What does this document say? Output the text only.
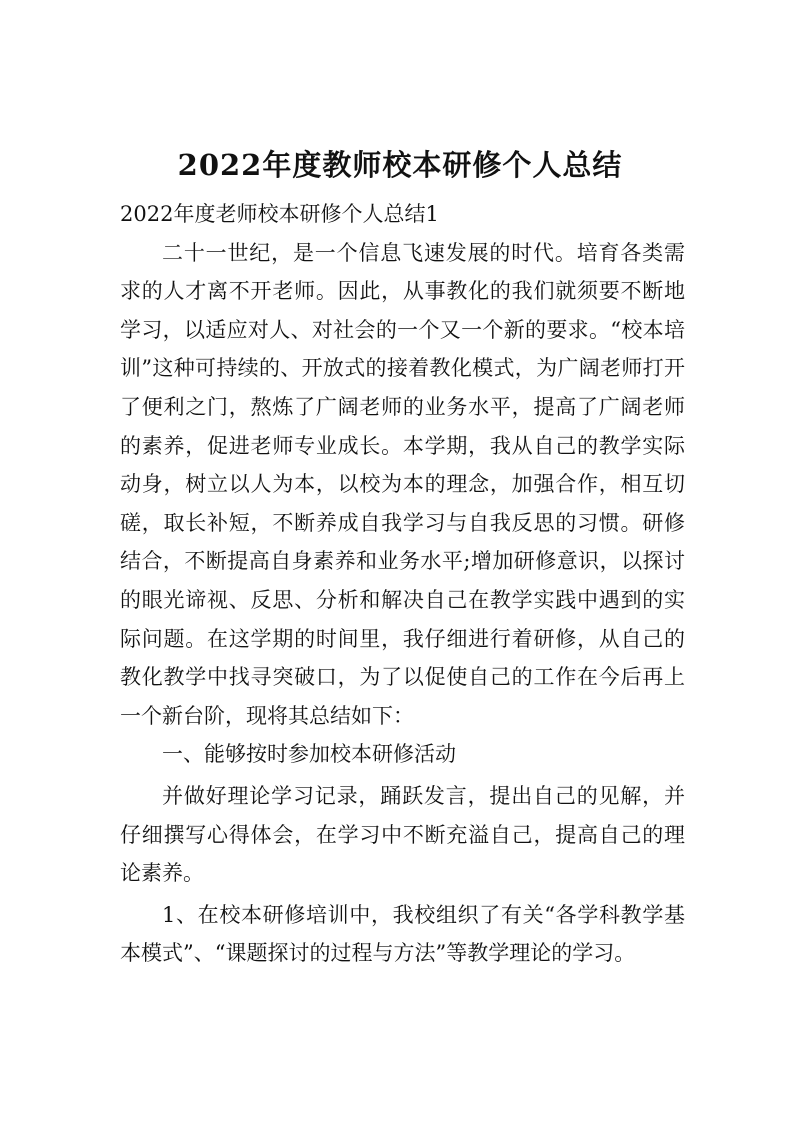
2022年度教师校本研修个人总结

2022年度老师校本研修个人总结1

二十一世纪，是一个信息飞速发展的时代。培育各类需求的人才离不开老师。因此，从事教化的我们就须要不断地学习，以适应对人、对社会的一个又一个新的要求。“校本培训”这种可持续的、开放式的接着教化模式，为广阔老师打开了便利之门，熬炼了广阔老师的业务水平，提高了广阔老师的素养，促进老师专业成长。本学期，我从自己的教学实际动身，树立以人为本，以校为本的理念，加强合作，相互切磋，取长补短，不断养成自我学习与自我反思的习惯。研修结合，不断提高自身素养和业务水平;增加研修意识，以探讨的眼光谛视、反思、分析和解决自己在教学实践中遇到的实际问题。在这学期的时间里，我仔细进行着研修，从自己的教化教学中找寻突破口，为了以促使自己的工作在今后再上一个新台阶，现将其总结如下：

一、能够按时参加校本研修活动

并做好理论学习记录，踊跃发言，提出自己的见解，并仔细撰写心得体会，在学习中不断充溢自己，提高自己的理论素养。

1、在校本研修培训中，我校组织了有关“各学科教学基本模式”、“课题探讨的过程与方法”等教学理论的学习。
